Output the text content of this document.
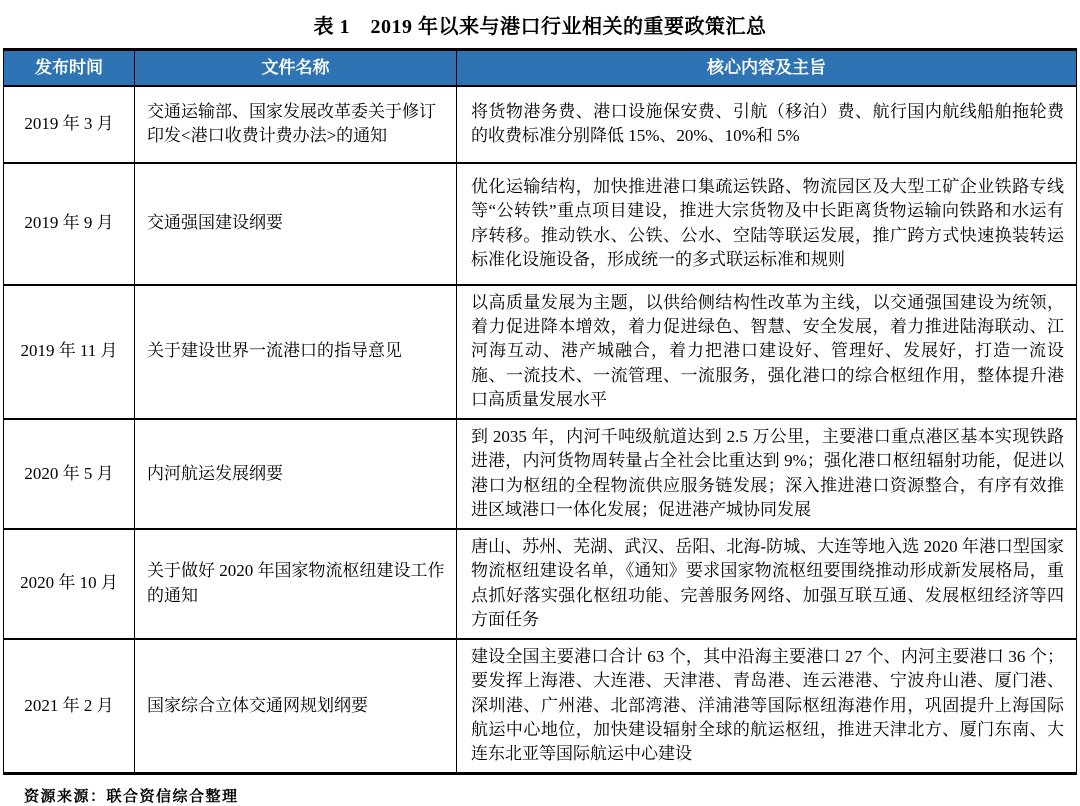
表 1　2019 年以来与港口行业相关的重要政策汇总
发布时间	文件名称	核心内容及主旨
2019 年 3 月	交通运输部、国家发展改革委关于修订印发<港口收费计费办法>的通知	将货物港务费、港口设施保安费、引航（移泊）费、航行国内航线船舶拖轮费的收费标准分别降低 15%、20%、10%和 5%
2019 年 9 月	交通强国建设纲要	优化运输结构，加快推进港口集疏运铁路、物流园区及大型工矿企业铁路专线等“公转铁”重点项目建设，推进大宗货物及中长距离货物运输向铁路和水运有序转移。推动铁水、公铁、公水、空陆等联运发展，推广跨方式快速换装转运标准化设施设备，形成统一的多式联运标准和规则
2019 年 11 月	关于建设世界一流港口的指导意见	以高质量发展为主题，以供给侧结构性改革为主线，以交通强国建设为统领，着力促进降本增效，着力促进绿色、智慧、安全发展，着力推进陆海联动、江河海互动、港产城融合，着力把港口建设好、管理好、发展好，打造一流设施、一流技术、一流管理、一流服务，强化港口的综合枢纽作用，整体提升港口高质量发展水平
2020 年 5 月	内河航运发展纲要	到 2035 年，内河千吨级航道达到 2.5 万公里，主要港口重点港区基本实现铁路进港，内河货物周转量占全社会比重达到 9%；强化港口枢纽辐射功能，促进以港口为枢纽的全程物流供应服务链发展；深入推进港口资源整合，有序有效推进区域港口一体化发展；促进港产城协同发展
2020 年 10 月	关于做好 2020 年国家物流枢纽建设工作的通知	唐山、苏州、芜湖、武汉、岳阳、北海-防城、大连等地入选 2020 年港口型国家物流枢纽建设名单，《通知》要求国家物流枢纽要围绕推动形成新发展格局，重点抓好落实强化枢纽功能、完善服务网络、加强互联互通、发展枢纽经济等四方面任务
2021 年 2 月	国家综合立体交通网规划纲要	建设全国主要港口合计 63 个，其中沿海主要港口 27 个、内河主要港口 36 个；要发挥上海港、大连港、天津港、青岛港、连云港港、宁波舟山港、厦门港、深圳港、广州港、北部湾港、洋浦港等国际枢纽海港作用，巩固提升上海国际航运中心地位，加快建设辐射全球的航运枢纽，推进天津北方、厦门东南、大连东北亚等国际航运中心建设
资源来源：联合资信综合整理
